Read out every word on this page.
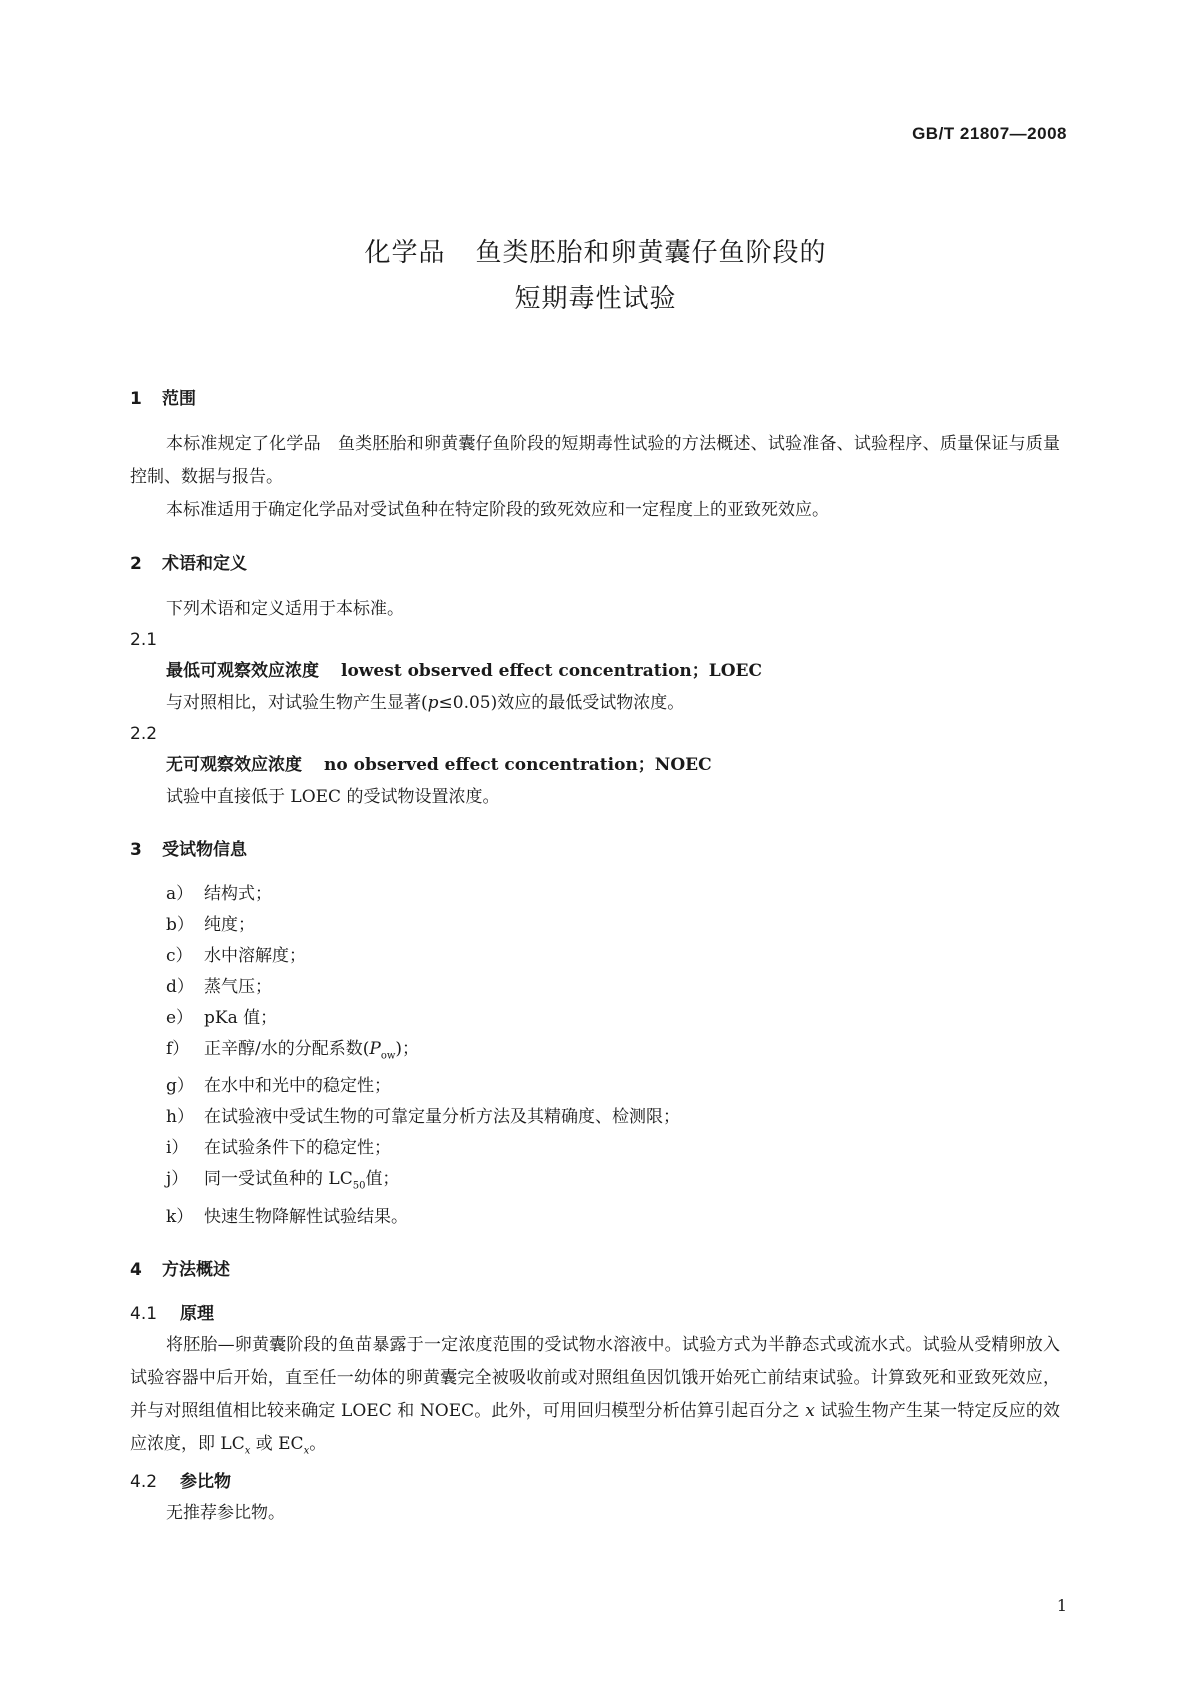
GB/T 21807—2008
化学品 鱼类胚胎和卵黄囊仔鱼阶段的
短期毒性试验
1 范围

本标准规定了化学品　鱼类胚胎和卵黄囊仔鱼阶段的短期毒性试验的方法概述、试验准备、试验程序、质量保证与质量控制、数据与报告。

本标准适用于确定化学品对受试鱼种在特定阶段的致死效应和一定程度上的亚致死效应。

2 术语和定义

下列术语和定义适用于本标准。

2.1

最低可观察效应浓度 lowest observed effect concentration；LOEC

与对照相比，对试验生物产生显著(p≤0.05)效应的最低受试物浓度。

2.2

无可观察效应浓度 no observed effect concentration；NOEC

试验中直接低于 LOEC 的受试物设置浓度。

3 受试物信息
a） 结构式；
b） 纯度；
c） 水中溶解度；
d） 蒸气压；
e） pKa 值；
f） 正辛醇/水的分配系数$(P_{ow})$；
g） 在水中和光中的稳定性；
h） 在试验液中受试生物的可靠定量分析方法及其精确度、检测限；
i） 在试验条件下的稳定性；
j） 同一受试鱼种的 $LC_{50}$值；
k） 快速生物降解性试验结果。
4 方法概述
4.1 原理

将胚胎—卵黄囊阶段的鱼苗暴露于一定浓度范围的受试物水溶液中。试验方式为半静态式或流水式。试验从受精卵放入试验容器中后开始，直至任一幼体的卵黄囊完全被吸收前或对照组鱼因饥饿开始死亡前结束试验。计算致死和亚致死效应，并与对照组值相比较来确定 LOEC 和 NOEC。此外，可用回归模型分析估算引起百分之 x 试验生物产生某一特定反应的效应浓度，即 $LC_x$ 或 $EC_x$。

4.2 参比物

无推荐参比物。

1
